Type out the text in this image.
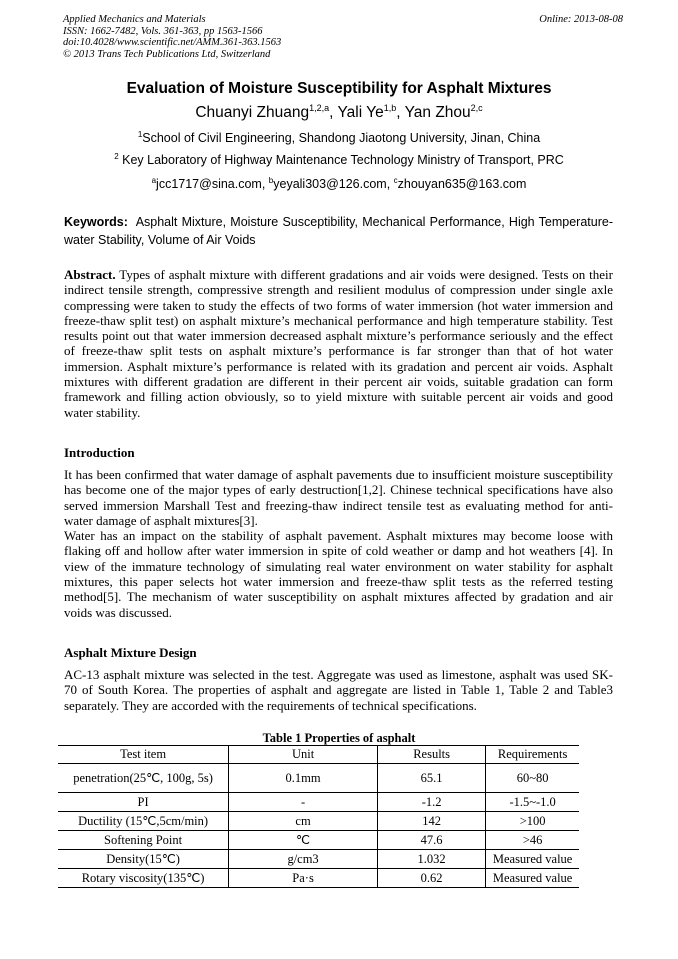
Applied Mechanics and Materials
ISSN: 1662-7482, Vols. 361-363, pp 1563-1566
doi:10.4028/www.scientific.net/AMM.361-363.1563
© 2013 Trans Tech Publications Ltd, Switzerland
Online: 2013-08-08
Evaluation of Moisture Susceptibility for Asphalt Mixtures
Chuanyi Zhuang$^{1,2,a}$, Yali Ye$^{1,b}$, Yan Zhou$^{2,c}$
$^1$School of Civil Engineering, Shandong Jiaotong University, Jinan, China
$^2$ Key Laboratory of Highway Maintenance Technology Ministry of Transport, PRC
$^a$jcc1717@sina.com, $^b$yeyali303@126.com, $^c$zhouyan635@163.com
Keywords: Asphalt Mixture, Moisture Susceptibility, Mechanical Performance, High Temperature-water Stability, Volume of Air Voids

Abstract. Types of asphalt mixture with different gradations and air voids were designed. Tests on their indirect tensile strength, compressive strength and resilient modulus of compression under single axle compressing were taken to study the effects of two forms of water immersion (hot water immersion and freeze-thaw split test) on asphalt mixture’s mechanical performance and high temperature stability. Test results point out that water immersion decreased asphalt mixture’s performance seriously and the effect of freeze-thaw split tests on asphalt mixture’s performance is far stronger than that of hot water immersion. Asphalt mixture’s performance is related with its gradation and percent air voids. Asphalt mixtures with different gradation are different in their percent air voids, suitable gradation can form framework and filling action obviously, so to yield mixture with suitable percent air voids and good water stability.

Introduction

It has been confirmed that water damage of asphalt pavements due to insufficient moisture susceptibility has become one of the major types of early destruction[1,2]. Chinese technical specifications have also served immersion Marshall Test and freezing-thaw indirect tensile test as evaluating method for anti-water damage of asphalt mixtures[3].

Water has an impact on the stability of asphalt pavement. Asphalt mixtures may become loose with flaking off and hollow after water immersion in spite of cold weather or damp and hot weathers [4]. In view of the immature technology of simulating real water environment on water stability for asphalt mixtures, this paper selects hot water immersion and freeze-thaw split tests as the referred testing method[5]. The mechanism of water susceptibility on asphalt mixtures affected by gradation and air voids was discussed.

Asphalt Mixture Design

AC-13 asphalt mixture was selected in the test. Aggregate was used as limestone, asphalt was used SK-70 of South Korea. The properties of asphalt and aggregate are listed in Table 1, Table 2 and Table3 separately. They are accorded with the requirements of technical specifications.

Table 1 Properties of asphalt
Test item	Unit	Results	Requirements
penetration(25℃, 100g, 5s)	0.1mm	65.1	60~80
PI	-	-1.2	-1.5~-1.0
Ductility (15℃,5cm/min)	cm	142	>100
Softening Point	℃	47.6	>46
Density(15℃)	g/cm3	1.032	Measured value
Rotary viscosity(135℃)	Pa·s	0.62	Measured value
